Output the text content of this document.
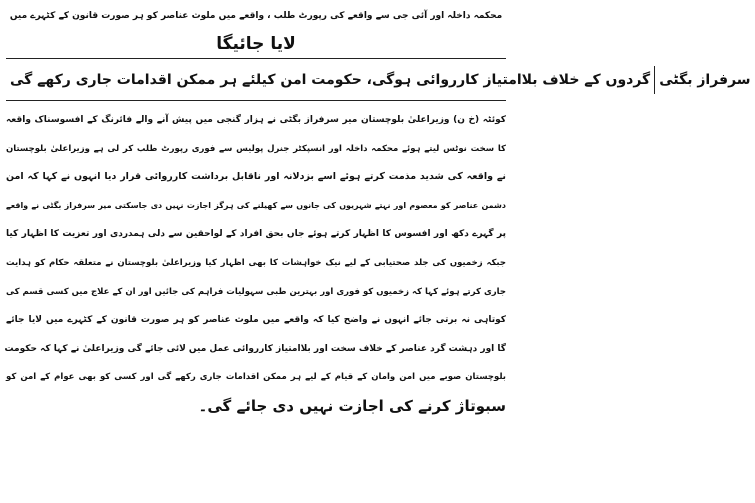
محکمہ داخلہ اور آئی جی سے واقعے کی رپورٹ طلب ، واقعے میں ملوث عناصر کو ہر صورت قانون کے کٹہرے میں
لایا جائیگا
گردوں کے خلاف بلاامتیاز کارروائی ہوگی، حکومت امن کیلئے ہر ممکن اقدامات جاری رکھے گی سرفراز بگٹی
کوئٹہ (خ ن) وزیراعلیٰ بلوچستان میر سرفراز بگٹی نے ہزار گنجی میں پیش آنے والے فائرنگ کے افسوسناک واقعہ
کا سخت نوٹس لیتے ہوئے محکمہ داخلہ اور انسپکٹر جنرل پولیس سے فوری رپورٹ طلب کر لی ہے وزیراعلیٰ بلوچستان
نے واقعہ کی شدید مذمت کرتے ہوئے اسے بزدلانہ اور ناقابل برداشت کارروائی قرار دیا انہوں نے کہا کہ امن
دشمن عناصر کو معصوم اور نہتے شہریوں کی جانوں سے کھیلنے کی ہرگز اجازت نہیں دی جاسکتی میر سرفراز بگٹی نے واقعے
پر گہرے دکھ اور افسوس کا اظہار کرتے ہوئے جاں بحق افراد کے لواحقین سے دلی ہمدردی اور تعزیت کا اظہار کیا
جبکہ زخمیوں کی جلد صحتیابی کے لیے نیک خواہشات کا بھی اظہار کیا وزیراعلیٰ بلوچستان نے متعلقہ حکام کو ہدایت
جاری کرتے ہوئے کہا کہ زخمیوں کو فوری اور بہترین طبی سہولیات فراہم کی جائیں اور ان کے علاج میں کسی قسم کی
کوتاہی نہ برتی جائے انہوں نے واضح کیا کہ واقعے میں ملوث عناصر کو ہر صورت قانون کے کٹہرے میں لایا جائے
گا اور دہشت گرد عناصر کے خلاف سخت اور بلاامتیاز کارروائی عمل میں لائی جائے گی وزیراعلیٰ نے کہا کہ حکومت
بلوچستان صوبے میں امن وامان کے قیام کے لیے ہر ممکن اقدامات جاری رکھے گی اور کسی کو بھی عوام کے امن کو
سبوتاژ کرنے کی اجازت نہیں دی جائے گی۔
